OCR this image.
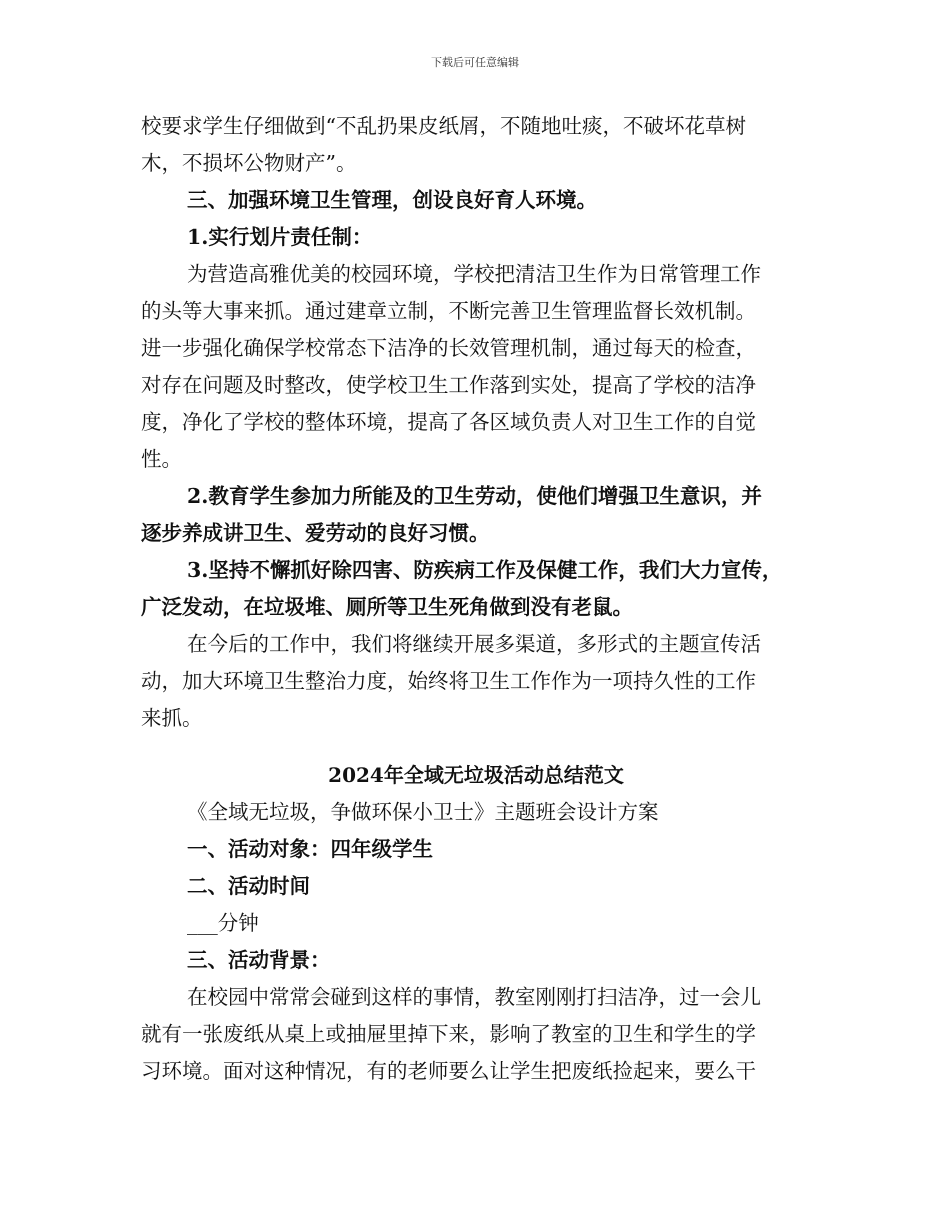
下载后可任意编辑
校要求学生仔细做到“不乱扔果皮纸屑，不随地吐痰，不破坏花草树
木，不损坏公物财产”。
三、加强环境卫生管理，创设良好育人环境。
1.实行划片责任制：
为营造高雅优美的校园环境，学校把清洁卫生作为日常管理工作
的头等大事来抓。通过建章立制，不断完善卫生管理监督长效机制。
进一步强化确保学校常态下洁净的长效管理机制，通过每天的检查，
对存在问题及时整改，使学校卫生工作落到实处，提高了学校的洁净
度，净化了学校的整体环境，提高了各区域负责人对卫生工作的自觉
性。
2.教育学生参加力所能及的卫生劳动，使他们增强卫生意识，并
逐步养成讲卫生、爱劳动的良好习惯。
3.坚持不懈抓好除四害、防疾病工作及保健工作，我们大力宣传，
广泛发动，在垃圾堆、厕所等卫生死角做到没有老鼠。
在今后的工作中，我们将继续开展多渠道，多形式的主题宣传活
动，加大环境卫生整治力度，始终将卫生工作作为一项持久性的工作
来抓。
2024年全域无垃圾活动总结范文
《全域无垃圾，争做环保小卫士》主题班会设计方案
一、活动对象：四年级学生
二、活动时间
___分钟
三、活动背景：
在校园中常常会碰到这样的事情，教室刚刚打扫洁净，过一会儿
就有一张废纸从桌上或抽屉里掉下来，影响了教室的卫生和学生的学
习环境。面对这种情况，有的老师要么让学生把废纸捡起来，要么干
